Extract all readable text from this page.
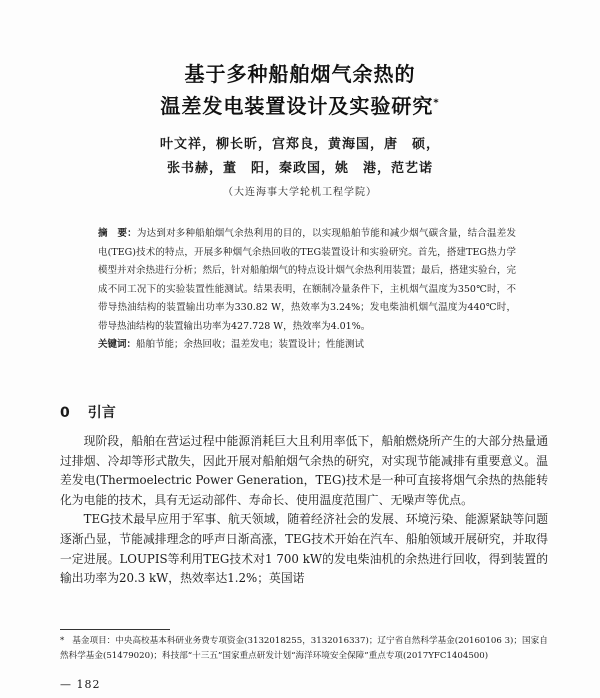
基于多种船舶烟气余热的
温差发电装置设计及实验研究*
叶文祥，柳长昕，宫郑良，黄海国，唐　硕，
张书赫，董　阳，秦政国，姚　港，范艺诺
（大连海事大学轮机工程学院）
摘　要：为达到对多种船舶烟气余热利用的目的，以实现船舶节能和减少烟气碳含量，结合温差发电(TEG)技术的特点，开展多种烟气余热回收的TEG装置设计和实验研究。首先，搭建TEG热力学模型并对余热进行分析；然后，针对船舶烟气的特点设计烟气余热利用装置；最后，搭建实验台，完成不同工况下的实验装置性能测试。结果表明，在额制冷量条件下，主机烟气温度为350℃时，不带导热油结构的装置输出功率为330.82 W，热效率为3.24%；发电柴油机烟气温度为440℃时，带导热油结构的装置输出功率为427.728 W，热效率为4.01%。
关键词：船舶节能；余热回收；温差发电；装置设计；性能测试
0 引言

现阶段，船舶在营运过程中能源消耗巨大且利用率低下，船舶燃烧所产生的大部分热量通过排烟、冷却等形式散失，因此开展对船舶烟气余热的研究，对实现节能减排有重要意义。温差发电(Thermoelectric Power Generation，TEG)技术是一种可直接将烟气余热的热能转化为电能的技术，具有无运动部件、寿命长、使用温度范围广、无噪声等优点。

TEG技术最早应用于军事、航天领域，随着经济社会的发展、环境污染、能源紧缺等问题逐渐凸显，节能减排理念的呼声日渐高涨，TEG技术开始在汽车、船舶领域开展研究，并取得一定进展。LOUPIS等利用TEG技术对1 700 kW的发电柴油机的余热进行回收，得到装置的输出功率为20.3 kW，热效率达1.2%；英国诺

* 基金项目：中央高校基本科研业务费专项资金(3132018255，3132016337)；辽宁省自然科学基金(20160106 3)；国家自然科学基金(51479020)；科技部“十三五”国家重点研发计划“海洋环境安全保障”重点专项(2017YFC1404500)
— 182
